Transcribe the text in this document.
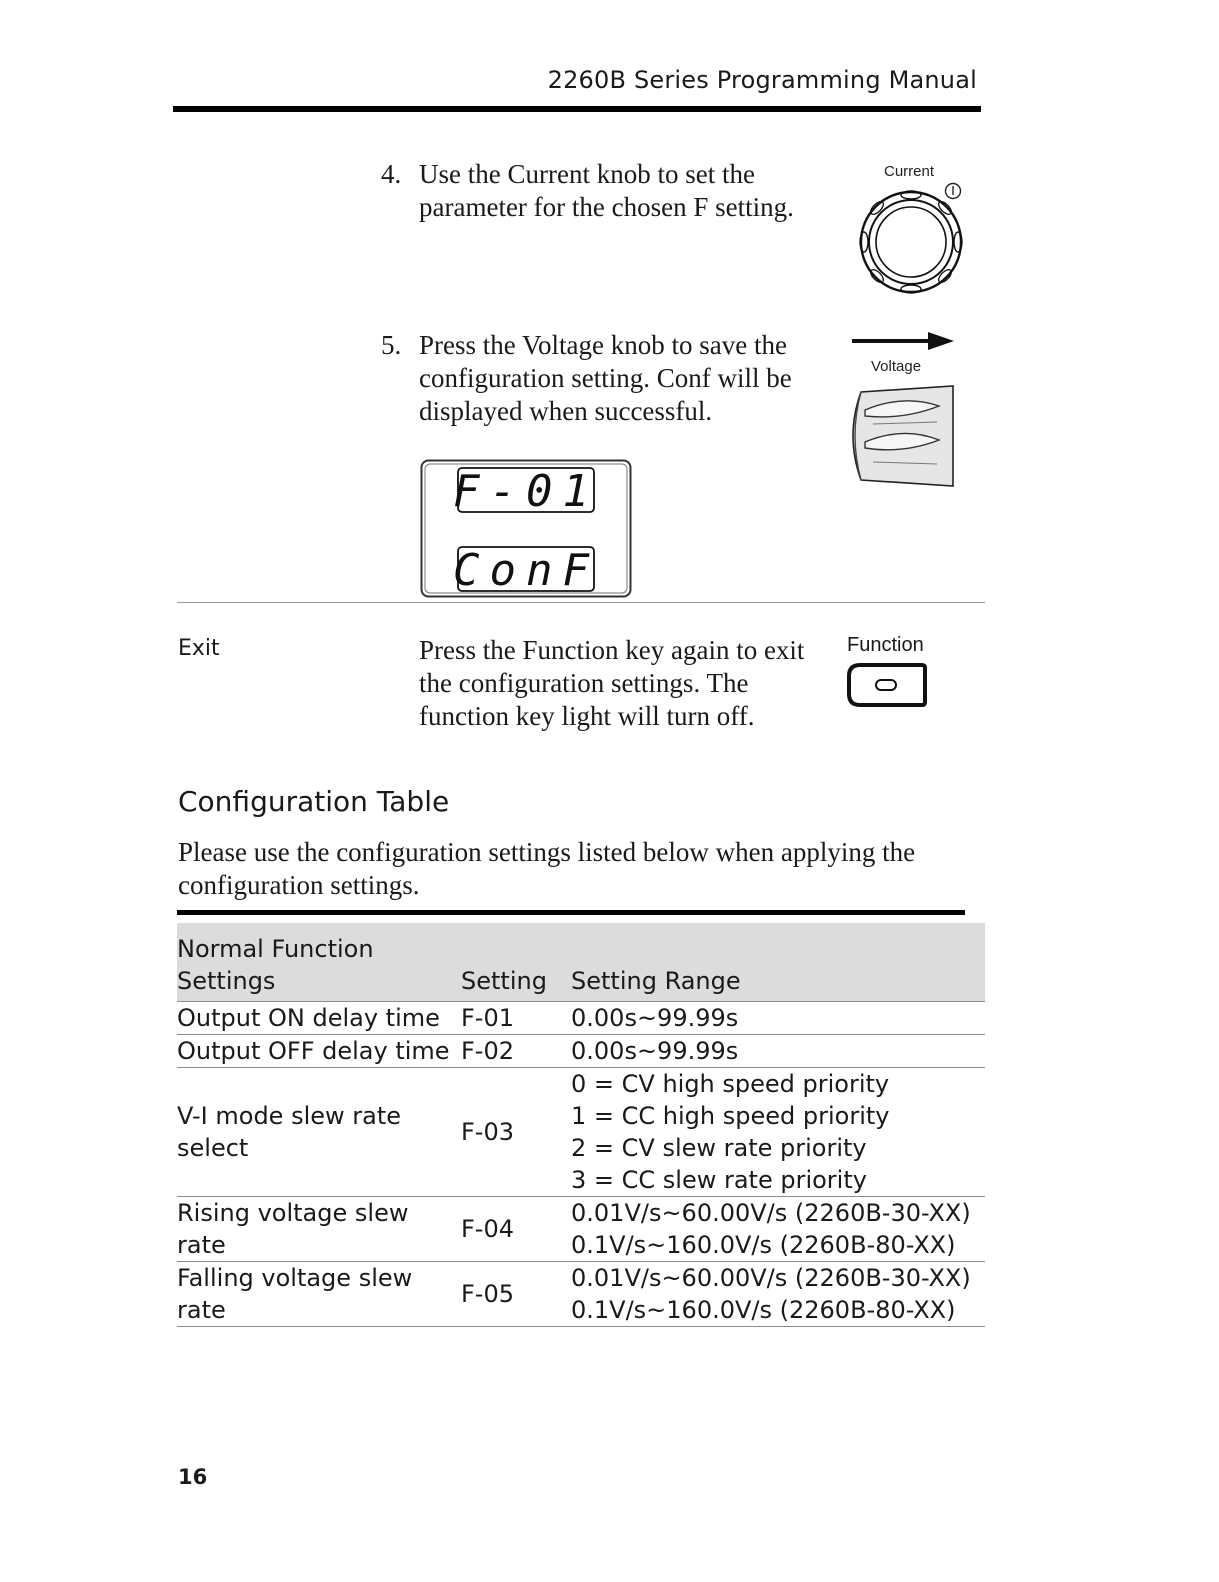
2260B Series Programming Manual
4. Use the Current knob to set the parameter for the chosen F setting.
Current
5. Press the Voltage knob to save the configuration setting. Conf will be displayed when successful.
Voltage
F-01
ConF
Exit	Press the Function key again to exit the configuration settings. The function key light will turn off.
Function
Configuration Table
Please use the configuration settings listed below when applying the configuration settings.
Normal Function Settings	Setting	Setting Range
Output ON delay time	F-01	0.00s~99.99s

Output OFF delay time	F-02	0.00s~99.99s

V-I mode slew rate select	F-03	0 = CV high speed priority
1 = CC high speed priority
2 = CV slew rate priority
3 = CC slew rate priority

Rising voltage slew rate	F-04	0.01V/s~60.00V/s (2260B-30-XX)
0.1V/s~160.0V/s (2260B-80-XX)

Falling voltage slew rate	F-05	0.01V/s~60.00V/s (2260B-30-XX)
0.1V/s~160.0V/s (2260B-80-XX)
16
